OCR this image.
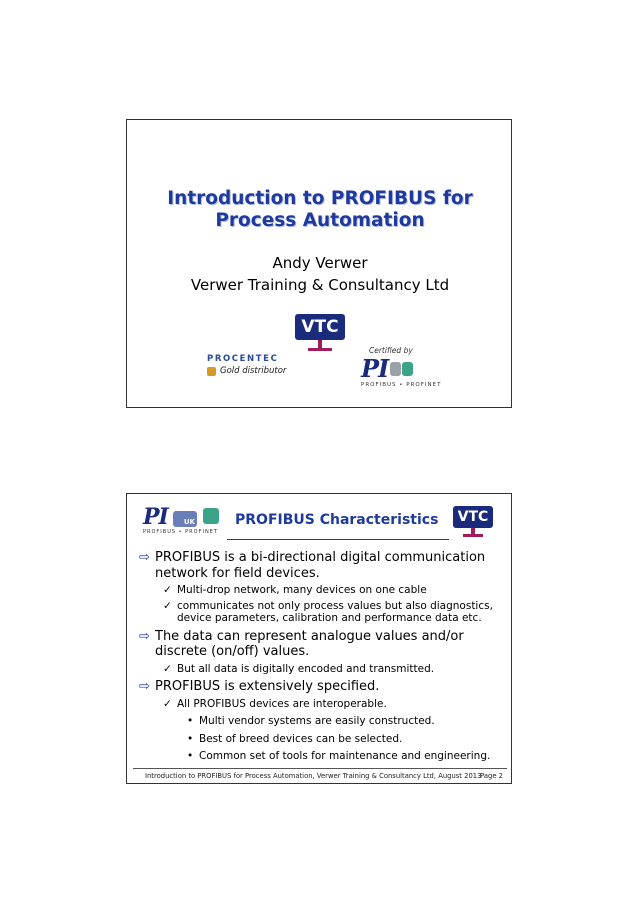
Introduction to PROFIBUS for
Process Automation
Andy Verwer
Verwer Training & Consultancy Ltd
VTC
PROCENTEC
Gold distributor
Certified by
PI
PROFIBUS • PROFINET
PI UK
PROFIBUS • PROFINET
PROFIBUS Characteristics	VTC
⇨ PROFIBUS is a bi-directional digital communication network for field devices.
✓ Multi-drop network, many devices on one cable
✓ communicates not only process values but also diagnostics, device parameters, calibration and performance data etc.
⇨ The data can represent analogue values and/or discrete (on/off) values.
✓ But all data is digitally encoded and transmitted.
⇨ PROFIBUS is extensively specified.
✓ All PROFIBUS devices are interoperable.
• Multi vendor systems are easily constructed.
• Best of breed devices can be selected.
• Common set of tools for maintenance and engineering.
Introduction to PROFIBUS for Process Automation, Verwer Training & Consultancy Ltd, August 2013
Page 2
